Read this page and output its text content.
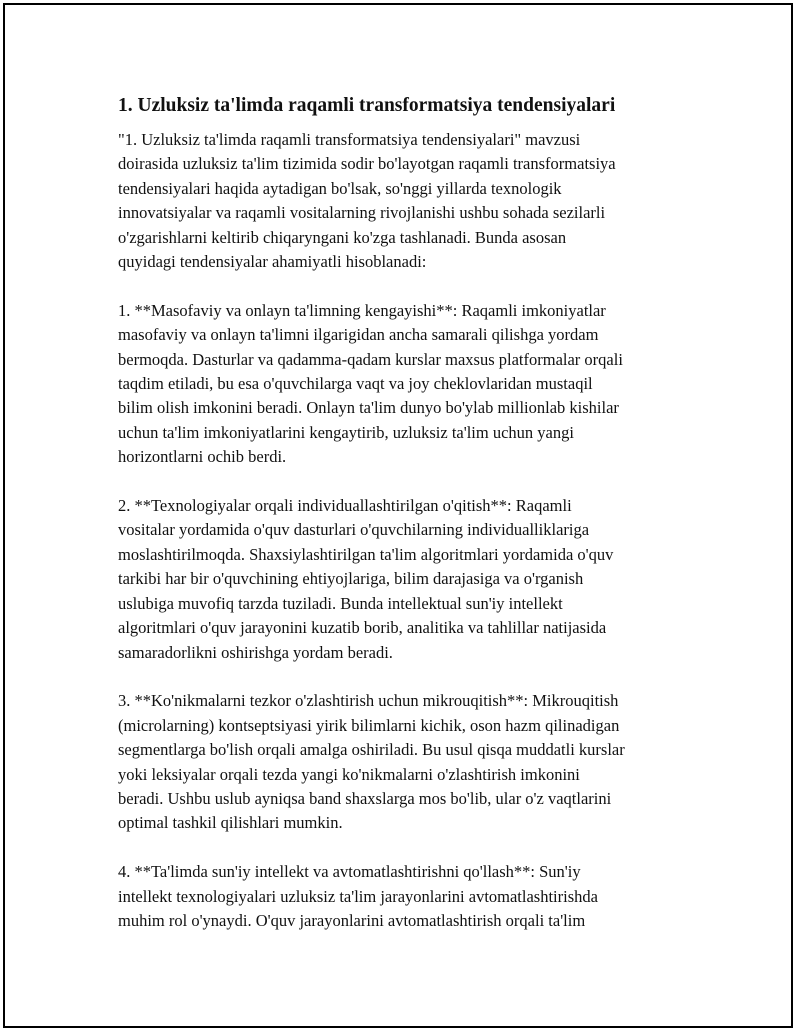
1. Uzluksiz ta'limda raqamli transformatsiya tendensiyalari

"1. Uzluksiz ta'limda raqamli transformatsiya tendensiyalari" mavzusi
doirasida uzluksiz ta'lim tizimida sodir bo'layotgan raqamli transformatsiya
tendensiyalari haqida aytadigan bo'lsak, so'nggi yillarda texnologik
innovatsiyalar va raqamli vositalarning rivojlanishi ushbu sohada sezilarli
o'zgarishlarni keltirib chiqaryngani ko'zga tashlanadi. Bunda asosan
quyidagi tendensiyalar ahamiyatli hisoblanadi:

1. **Masofaviy va onlayn ta'limning kengayishi**: Raqamli imkoniyatlar
masofaviy va onlayn ta'limni ilgarigidan ancha samarali qilishga yordam
bermoqda. Dasturlar va qadamma-qadam kurslar maxsus platformalar orqali
taqdim etiladi, bu esa o'quvchilarga vaqt va joy cheklovlaridan mustaqil
bilim olish imkonini beradi. Onlayn ta'lim dunyo bo'ylab millionlab kishilar
uchun ta'lim imkoniyatlarini kengaytirib, uzluksiz ta'lim uchun yangi
horizontlarni ochib berdi.

2. **Texnologiyalar orqali individuallashtirilgan o'qitish**: Raqamli
vositalar yordamida o'quv dasturlari o'quvchilarning individualliklariga
moslashtirilmoqda. Shaxsiylashtirilgan ta'lim algoritmlari yordamida o'quv
tarkibi har bir o'quvchining ehtiyojlariga, bilim darajasiga va o'rganish
uslubiga muvofiq tarzda tuziladi. Bunda intellektual sun'iy intellekt
algoritmlari o'quv jarayonini kuzatib borib, analitika va tahlillar natijasida
samaradorlikni oshirishga yordam beradi.

3. **Ko'nikmalarni tezkor o'zlashtirish uchun mikrouqitish**: Mikrouqitish
(microlarning) kontseptsiyasi yirik bilimlarni kichik, oson hazm qilinadigan
segmentlarga bo'lish orqali amalga oshiriladi. Bu usul qisqa muddatli kurslar
yoki leksiyalar orqali tezda yangi ko'nikmalarni o'zlashtirish imkonini
beradi. Ushbu uslub ayniqsa band shaxslarga mos bo'lib, ular o'z vaqtlarini
optimal tashkil qilishlari mumkin.

4. **Ta'limda sun'iy intellekt va avtomatlashtirishni qo'llash**: Sun'iy
intellekt texnologiyalari uzluksiz ta'lim jarayonlarini avtomatlashtirishda
muhim rol o'ynaydi. O'quv jarayonlarini avtomatlashtirish orqali ta'lim
